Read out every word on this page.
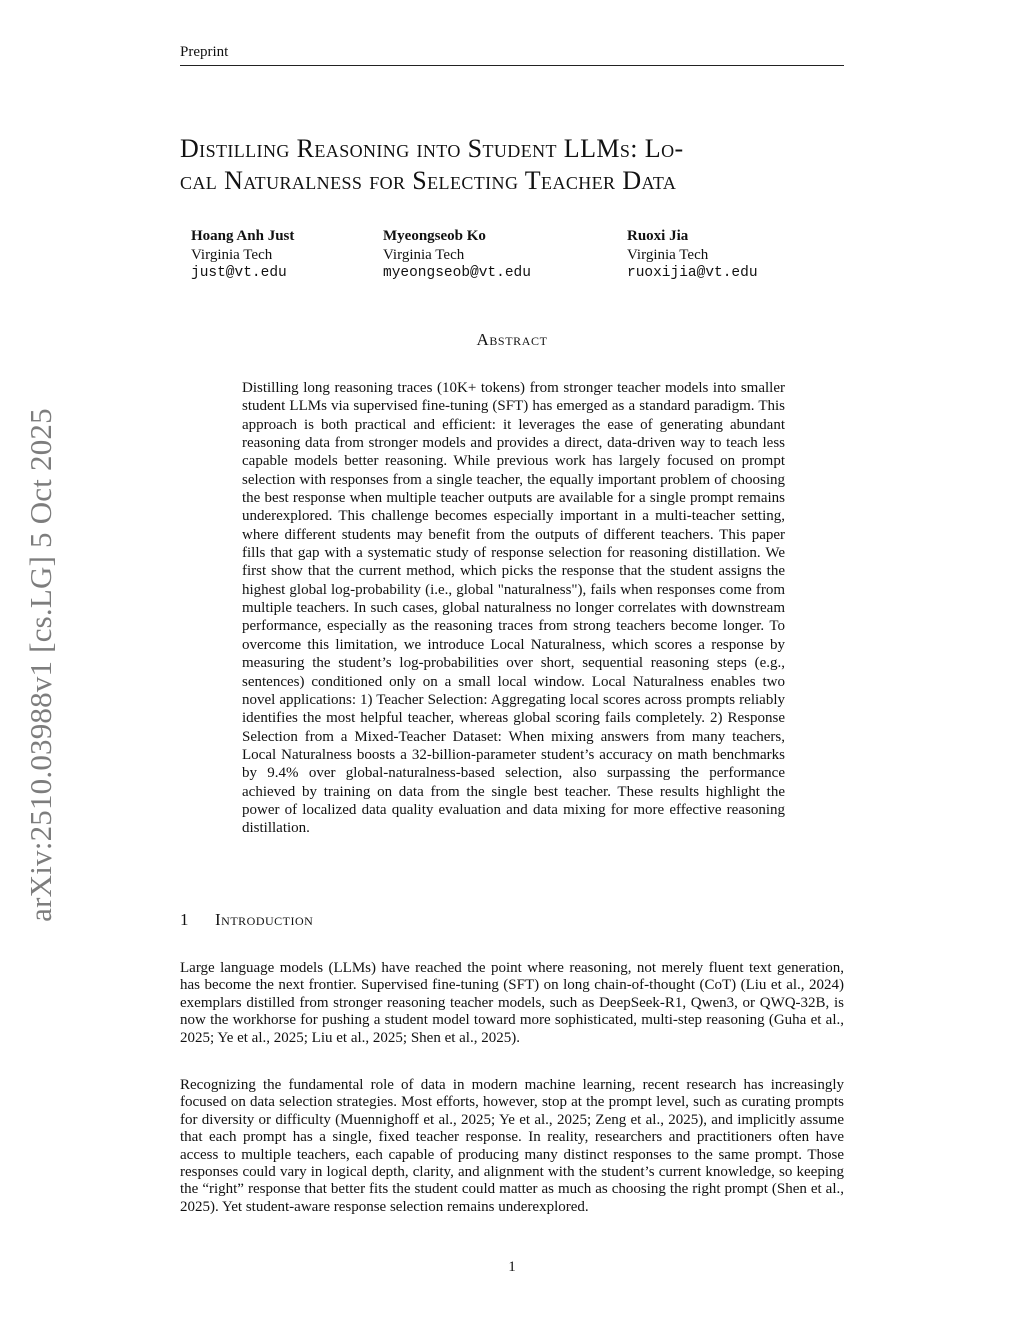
Preprint
arXiv:2510.03988v1 [cs.LG] 5 Oct 2025
Distilling Reasoning into Student LLMs: Lo-
cal Naturalness for Selecting Teacher Data
Hoang Anh Just
Virginia Tech
just@vt.edu
Myeongseob Ko
Virginia Tech
myeongseob@vt.edu
Ruoxi Jia
Virginia Tech
ruoxijia@vt.edu
Abstract

Distilling long reasoning traces (10K+ tokens) from stronger teacher models into smaller student LLMs via supervised fine-tuning (SFT) has emerged as a standard paradigm. This approach is both practical and efficient: it leverages the ease of generating abundant reasoning data from stronger models and provides a direct, data-driven way to teach less capable models better reasoning. While previous work has largely focused on prompt selection with responses from a single teacher, the equally important problem of choosing the best response when multiple teacher outputs are available for a single prompt remains underexplored. This challenge becomes especially important in a multi-teacher setting, where different students may benefit from the outputs of different teachers. This paper fills that gap with a systematic study of response selection for reasoning distillation. We first show that the current method, which picks the response that the student assigns the highest global log-probability (i.e., global "naturalness"), fails when responses come from multiple teachers. In such cases, global naturalness no longer correlates with downstream performance, especially as the reasoning traces from strong teachers become longer. To overcome this limitation, we introduce Local Naturalness, which scores a response by measuring the student’s log-probabilities over short, sequential reasoning steps (e.g., sentences) conditioned only on a small local window. Local Naturalness enables two novel applications: 1) Teacher Selection: Aggregating local scores across prompts reliably identifies the most helpful teacher, whereas global scoring fails completely. 2) Response Selection from a Mixed-Teacher Dataset: When mixing answers from many teachers, Local Naturalness boosts a 32-billion-parameter student’s accuracy on math benchmarks by 9.4% over global-naturalness-based selection, also surpassing the performance achieved by training on data from the single best teacher. These results highlight the power of localized data quality evaluation and data mixing for more effective reasoning distillation.

1 Introduction

Large language models (LLMs) have reached the point where reasoning, not merely fluent text generation, has become the next frontier. Supervised fine-tuning (SFT) on long chain-of-thought (CoT) (Liu et al., 2024) exemplars distilled from stronger reasoning teacher models, such as DeepSeek-R1, Qwen3, or QWQ-32B, is now the workhorse for pushing a student model toward more sophisticated, multi-step reasoning (Guha et al., 2025; Ye et al., 2025; Liu et al., 2025; Shen et al., 2025).

Recognizing the fundamental role of data in modern machine learning, recent research has increasingly focused on data selection strategies. Most efforts, however, stop at the prompt level, such as curating prompts for diversity or difficulty (Muennighoff et al., 2025; Ye et al., 2025; Zeng et al., 2025), and implicitly assume that each prompt has a single, fixed teacher response. In reality, researchers and practitioners often have access to multiple teachers, each capable of producing many distinct responses to the same prompt. Those responses could vary in logical depth, clarity, and alignment with the student’s current knowledge, so keeping the “right” response that better fits the student could matter as much as choosing the right prompt (Shen et al., 2025). Yet student-aware response selection remains underexplored.

1
